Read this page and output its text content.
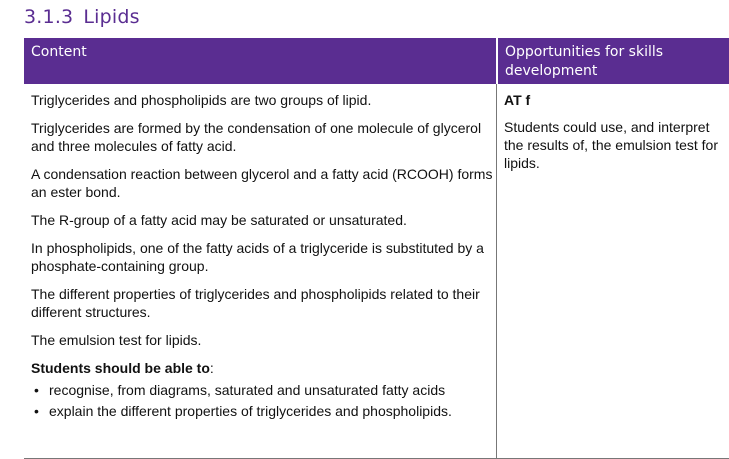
3.1.3 Lipids
Content	Opportunities for skills
development

Triglycerides and phospholipids are two groups of lipid.

Triglycerides are formed by the condensation of one molecule of glycerol and three molecules of fatty acid.

A condensation reaction between glycerol and a fatty acid (RCOOH) forms an ester bond.

The R-group of a fatty acid may be saturated or unsaturated.

In phospholipids, one of the fatty acids of a triglyceride is substituted by a phosphate-containing group.

The different properties of triglycerides and phospholipids related to their different structures.

The emulsion test for lipids.

Students should be able to:

• recognise, from diagrams, saturated and unsaturated fatty acids
• explain the different properties of triglycerides and phospholipids.
AT f
Students could use, and interpret the results of, the emulsion test for lipids.
